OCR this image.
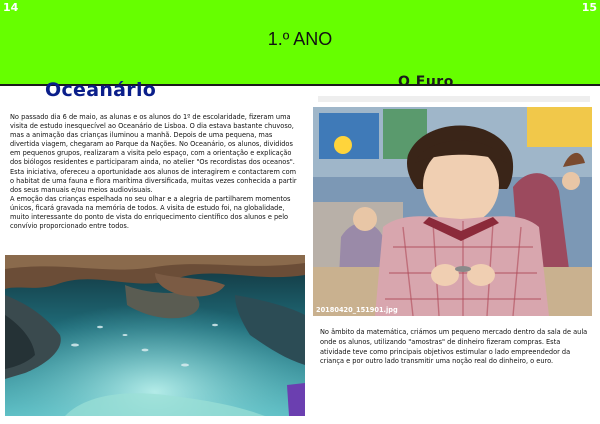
14	15
1.º ANO
Oceanário	O Euro

No passado dia 6 de maio, as alunas e os alunos do 1º de escolaridade, fizeram uma visita de estudo inesquecível ao Oceanário de Lisboa. O dia estava bastante chuvoso, mas a animação das crianças iluminou a manhã. Depois de uma pequena, mas divertida viagem, chegaram ao Parque da Nações. No Oceanário, os alunos, divididos em pequenos grupos, realizaram a visita pelo espaço, com a orientação e explicação dos biólogos residentes e participaram ainda, no atelier "Os recordistas dos oceanos".

Esta iniciativa, ofereceu a oportunidade aos alunos de interagirem e contactarem com o habitat de uma fauna e flora marítima diversificada, muitas vezes conhecida a partir dos seus manuais e/ou meios audiovisuais.

A emoção das crianças espelhada no seu olhar e a alegria de partilharem momentos únicos, ficará gravada na memória de todos. A visita de estudo foi, na globalidade, muito interessante do ponto de vista do enriquecimento científico dos alunos e pelo convívio proporcionado entre todos.

20180420_151901.jpg
No âmbito da matemática, criámos um pequeno mercado dentro da sala de aula onde os alunos, utilizando "amostras" de dinheiro fizeram compras. Esta atividade teve como principais objetivos estimular o lado empreendedor da criança e por outro lado transmitir uma noção real do dinheiro, o euro.
